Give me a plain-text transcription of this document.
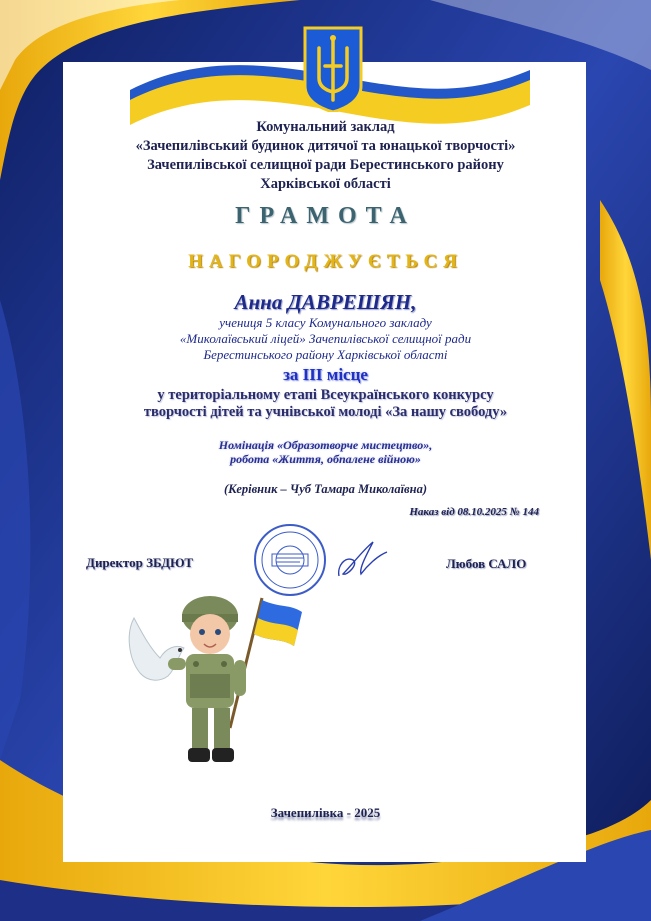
Комунальний заклад
«Зачепилівський будинок дитячої та юнацької творчості»
Зачепилівської селищної ради Берестинського району
Харківської області
ГРАМОТА
НАГОРОДЖУЄТЬСЯ
Анна ДАВРЕШЯН,
учениця 5 класу Комунального закладу
«Миколаївський ліцей» Зачепилівської селищної ради
Берестинського району Харківської області
за ІІІ місце
у територіальному етапі Всеукраїнського конкурсу
творчості дітей та учнівської молоді «За нашу свободу»
Номінація «Образотворче мистецтво»,
робота «Життя, обпалене війною»
(Керівник – Чуб Тамара Миколаївна)
Наказ від 08.10.2025 № 144
Директор ЗБДЮТ	Любов САЛО
Зачепилівка - 2025
